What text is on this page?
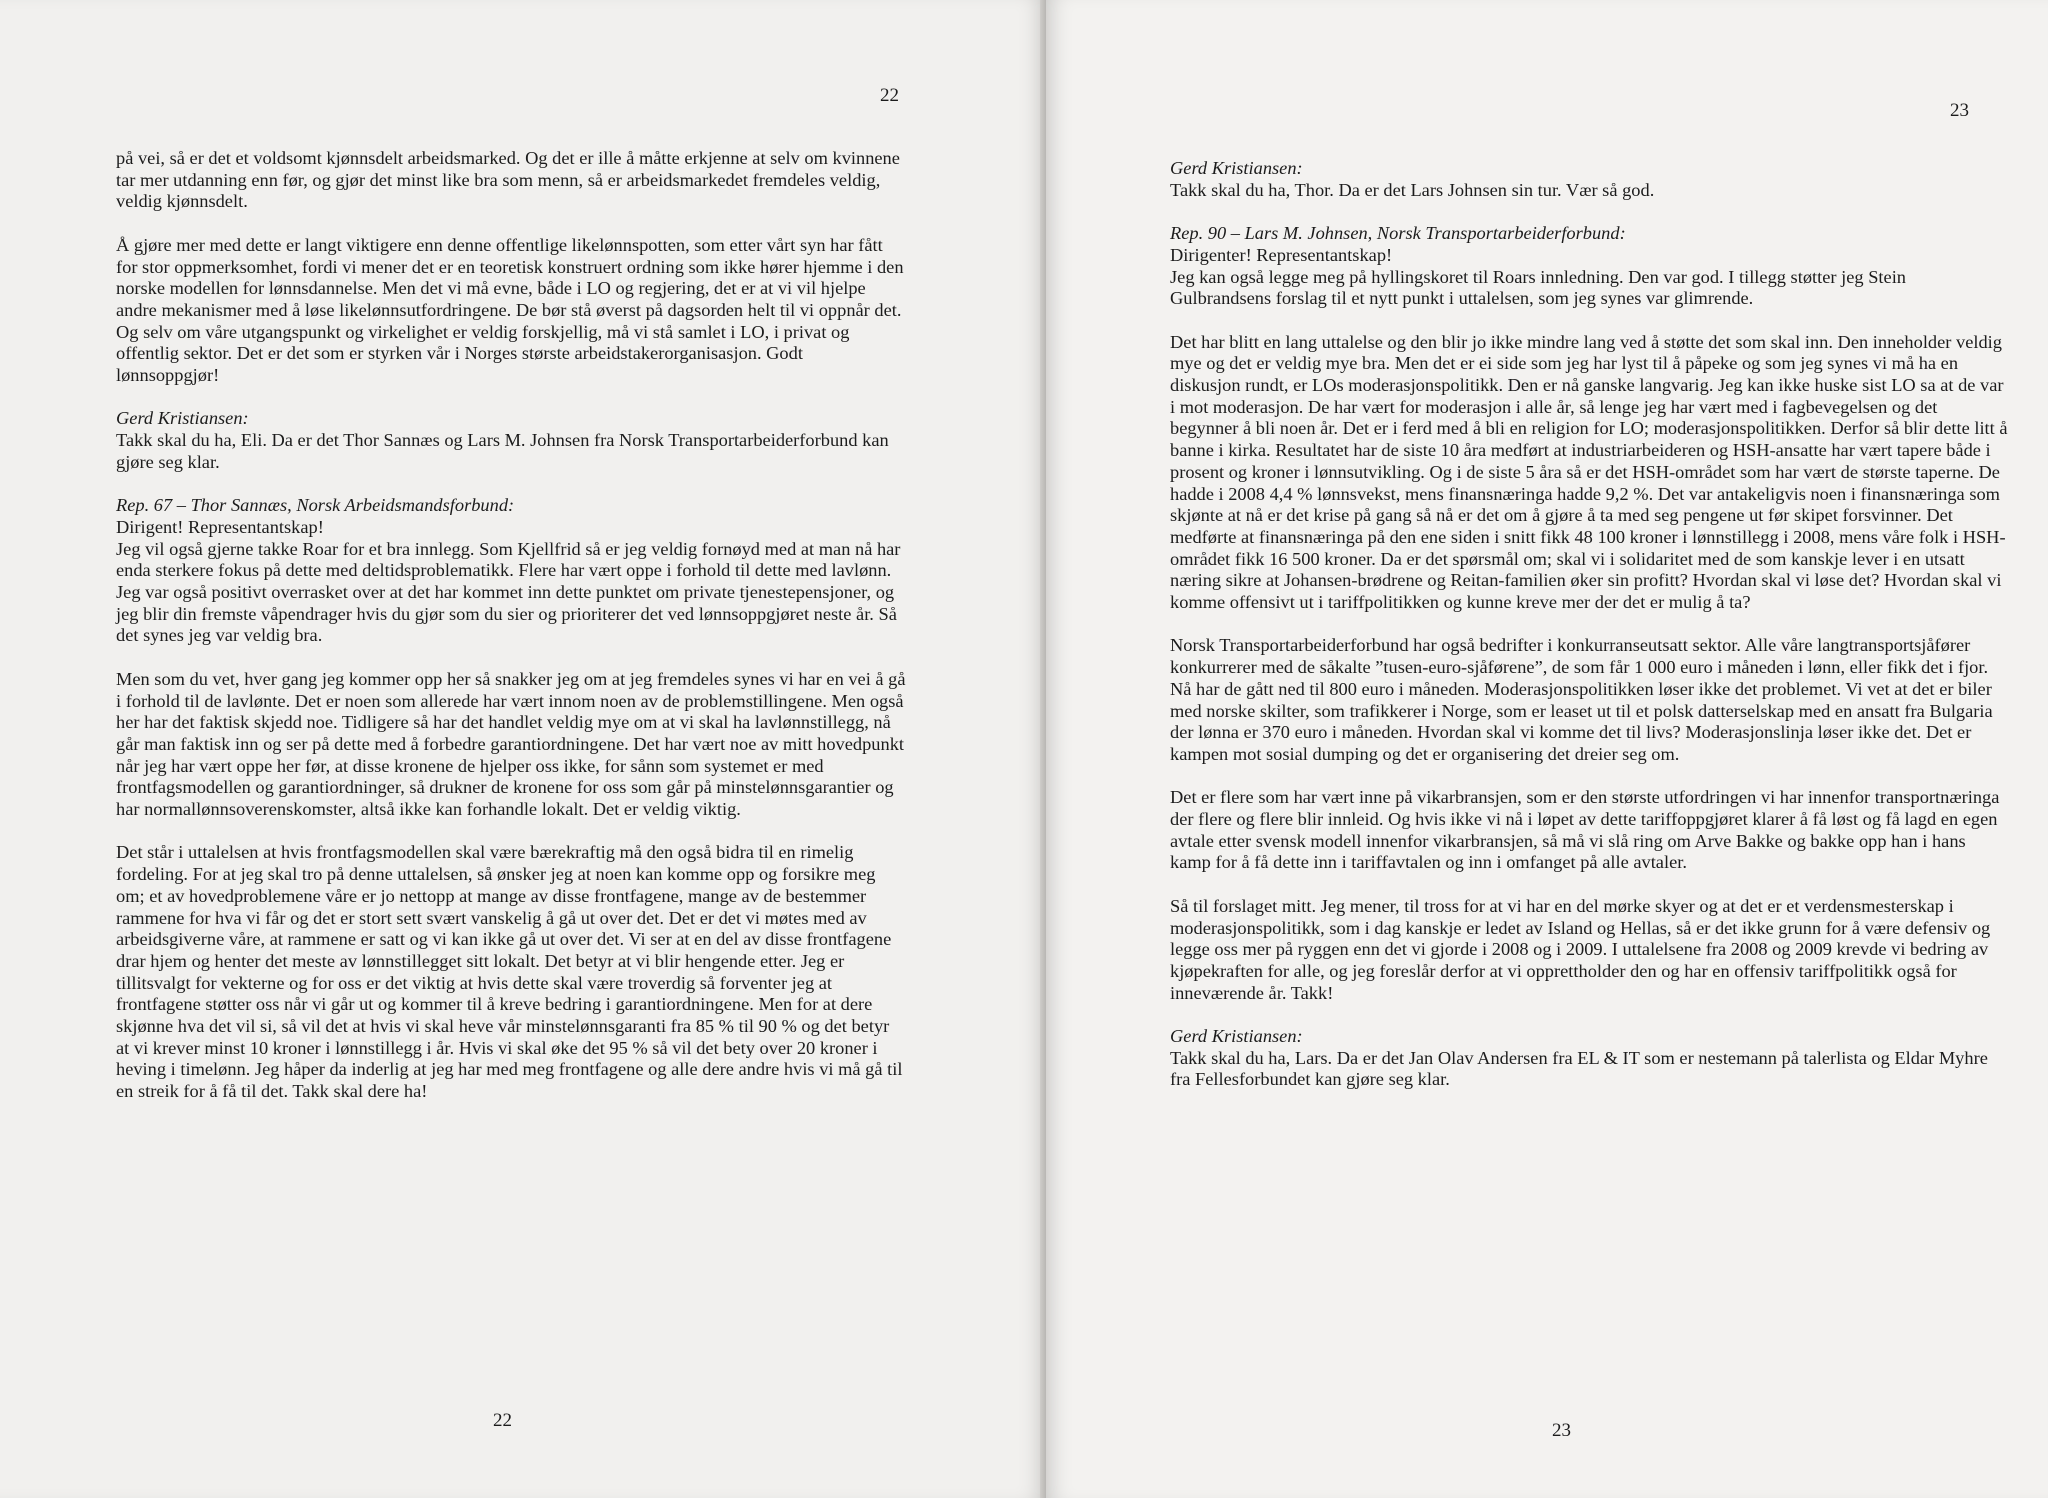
22

på vei, så er det et voldsomt kjønnsdelt arbeidsmarked. Og det er ille å måtte erkjenne at selv om kvinnene tar mer utdanning enn før, og gjør det minst like bra som menn, så er arbeidsmarkedet fremdeles veldig, veldig kjønnsdelt.

Å gjøre mer med dette er langt viktigere enn denne offentlige likelønnspotten, som etter vårt syn har fått for stor oppmerksomhet, fordi vi mener det er en teoretisk konstruert ordning som ikke hører hjemme i den norske modellen for lønnsdannelse. Men det vi må evne, både i LO og regjering, det er at vi vil hjelpe andre mekanismer med å løse likelønnsutfordringene. De bør stå øverst på dagsorden helt til vi oppnår det. Og selv om våre utgangspunkt og virkelighet er veldig forskjellig, må vi stå samlet i LO, i privat og offentlig sektor. Det er det som er styrken vår i Norges største arbeidstakerorganisasjon. Godt lønnsoppgjør!

Gerd Kristiansen:
Takk skal du ha, Eli. Da er det Thor Sannæs og Lars M. Johnsen fra Norsk Transportarbeiderforbund kan gjøre seg klar.
Rep. 67 – Thor Sannæs, Norsk Arbeidsmandsforbund:
Dirigent! Representantskap!
Jeg vil også gjerne takke Roar for et bra innlegg. Som Kjellfrid så er jeg veldig fornøyd med at man nå har enda sterkere fokus på dette med deltidsproblematikk. Flere har vært oppe i forhold til dette med lavlønn. Jeg var også positivt overrasket over at det har kommet inn dette punktet om private tjenestepensjoner, og jeg blir din fremste våpendrager hvis du gjør som du sier og prioriterer det ved lønnsoppgjøret neste år. Så det synes jeg var veldig bra.

Men som du vet, hver gang jeg kommer opp her så snakker jeg om at jeg fremdeles synes vi har en vei å gå i forhold til de lavlønte. Det er noen som allerede har vært innom noen av de problemstillingene. Men også her har det faktisk skjedd noe. Tidligere så har det handlet veldig mye om at vi skal ha lavlønnstillegg, nå går man faktisk inn og ser på dette med å forbedre garantiordningene. Det har vært noe av mitt hovedpunkt når jeg har vært oppe her før, at disse kronene de hjelper oss ikke, for sånn som systemet er med frontfagsmodellen og garantiordninger, så drukner de kronene for oss som går på minstelønnsgarantier og har normallønnsoverenskomster, altså ikke kan forhandle lokalt. Det er veldig viktig.

Det står i uttalelsen at hvis frontfagsmodellen skal være bærekraftig må den også bidra til en rimelig fordeling. For at jeg skal tro på denne uttalelsen, så ønsker jeg at noen kan komme opp og forsikre meg om; et av hovedproblemene våre er jo nettopp at mange av disse frontfagene, mange av de bestemmer rammene for hva vi får og det er stort sett svært vanskelig å gå ut over det. Det er det vi møtes med av arbeidsgiverne våre, at rammene er satt og vi kan ikke gå ut over det. Vi ser at en del av disse frontfagene drar hjem og henter det meste av lønnstillegget sitt lokalt. Det betyr at vi blir hengende etter. Jeg er tillitsvalgt for vekterne og for oss er det viktig at hvis dette skal være troverdig så forventer jeg at frontfagene støtter oss når vi går ut og kommer til å kreve bedring i garantiordningene. Men for at dere skjønne hva det vil si, så vil det at hvis vi skal heve vår minstelønnsgaranti fra 85 % til 90 % og det betyr at vi krever minst 10 kroner i lønnstillegg i år. Hvis vi skal øke det 95 % så vil det bety over 20 kroner i heving i timelønn. Jeg håper da inderlig at jeg har med meg frontfagene og alle dere andre hvis vi må gå til en streik for å få til det. Takk skal dere ha!

22
23
Gerd Kristiansen:
Takk skal du ha, Thor. Da er det Lars Johnsen sin tur. Vær så god.
Rep. 90 – Lars M. Johnsen, Norsk Transportarbeiderforbund:
Dirigenter! Representantskap!
Jeg kan også legge meg på hyllingskoret til Roars innledning. Den var god. I tillegg støtter jeg Stein Gulbrandsens forslag til et nytt punkt i uttalelsen, som jeg synes var glimrende.

Det har blitt en lang uttalelse og den blir jo ikke mindre lang ved å støtte det som skal inn. Den inneholder veldig mye og det er veldig mye bra. Men det er ei side som jeg har lyst til å påpeke og som jeg synes vi må ha en diskusjon rundt, er LOs moderasjonspolitikk. Den er nå ganske langvarig. Jeg kan ikke huske sist LO sa at de var i mot moderasjon. De har vært for moderasjon i alle år, så lenge jeg har vært med i fagbevegelsen og det begynner å bli noen år. Det er i ferd med å bli en religion for LO; moderasjonspolitikken. Derfor så blir dette litt å banne i kirka. Resultatet har de siste 10 åra medført at industriarbeideren og HSH-ansatte har vært tapere både i prosent og kroner i lønnsutvikling. Og i de siste 5 åra så er det HSH-området som har vært de største taperne. De hadde i 2008 4,4 % lønnsvekst, mens finansnæringa hadde 9,2 %. Det var antakeligvis noen i finansnæringa som skjønte at nå er det krise på gang så nå er det om å gjøre å ta med seg pengene ut før skipet forsvinner. Det medførte at finansnæringa på den ene siden i snitt fikk 48 100 kroner i lønnstillegg i 2008, mens våre folk i HSH-området fikk 16 500 kroner. Da er det spørsmål om; skal vi i solidaritet med de som kanskje lever i en utsatt næring sikre at Johansen-brødrene og Reitan-familien øker sin profitt? Hvordan skal vi løse det? Hvordan skal vi komme offensivt ut i tariffpolitikken og kunne kreve mer der det er mulig å ta?

Norsk Transportarbeiderforbund har også bedrifter i konkurranseutsatt sektor. Alle våre langtransportsjåfører konkurrerer med de såkalte ”tusen-euro-sjåførene”, de som får 1 000 euro i måneden i lønn, eller fikk det i fjor. Nå har de gått ned til 800 euro i måneden. Moderasjonspolitikken løser ikke det problemet. Vi vet at det er biler med norske skilter, som trafikkerer i Norge, som er leaset ut til et polsk datterselskap med en ansatt fra Bulgaria der lønna er 370 euro i måneden. Hvordan skal vi komme det til livs? Moderasjonslinja løser ikke det. Det er kampen mot sosial dumping og det er organisering det dreier seg om.

Det er flere som har vært inne på vikarbransjen, som er den største utfordringen vi har innenfor transportnæringa der flere og flere blir innleid. Og hvis ikke vi nå i løpet av dette tariffoppgjøret klarer å få løst og få lagd en egen avtale etter svensk modell innenfor vikarbransjen, så må vi slå ring om Arve Bakke og bakke opp han i hans kamp for å få dette inn i tariffavtalen og inn i omfanget på alle avtaler.

Så til forslaget mitt. Jeg mener, til tross for at vi har en del mørke skyer og at det er et verdensmesterskap i moderasjonspolitikk, som i dag kanskje er ledet av Island og Hellas, så er det ikke grunn for å være defensiv og legge oss mer på ryggen enn det vi gjorde i 2008 og i 2009. I uttalelsene fra 2008 og 2009 krevde vi bedring av kjøpekraften for alle, og jeg foreslår derfor at vi opprettholder den og har en offensiv tariffpolitikk også for inneværende år. Takk!

Gerd Kristiansen:
Takk skal du ha, Lars. Da er det Jan Olav Andersen fra EL & IT som er nestemann på talerlista og Eldar Myhre fra Fellesforbundet kan gjøre seg klar.
23
